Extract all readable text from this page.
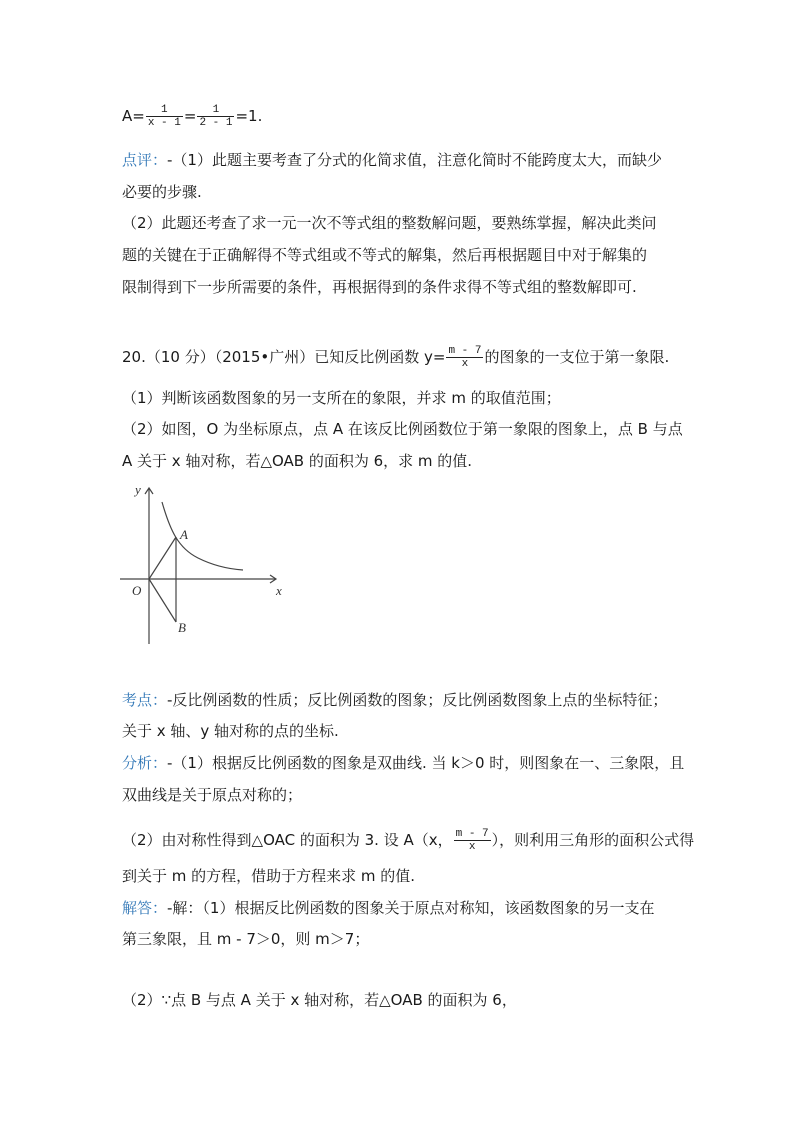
$A= \frac{1}{x - 1} = \frac{1}{2 - 1} =1$.
点评：-（1）此题主要考查了分式的化简求值，注意化简时不能跨度太大，而缺少
必要的步骤.
（2）此题还考查了求一元一次不等式组的整数解问题，要熟练掌握，解决此类问
题的关键在于正确解得不等式组或不等式的解集，然后再根据题目中对于解集的
限制得到下一步所需要的条件，再根据得到的条件求得不等式组的整数解即可.
20.（10 分）（2015•广州）已知反比例函数 $y= \frac{m - 7}{x}$ 的图象的一支位于第一象限.
（1）判断该函数图象的另一支所在的象限，并求 m 的取值范围；
（2）如图，O 为坐标原点，点 A 在该反比例函数位于第一象限的图象上，点 B 与点
A 关于 x 轴对称，若△OAB 的面积为 6，求 m 的值.
y
x
O
A
B
考点：-反比例函数的性质；反比例函数的图象；反比例函数图象上点的坐标特征；
关于 x 轴、y 轴对称的点的坐标.
分析：-（1）根据反比例函数的图象是双曲线. 当 k＞0 时，则图象在一、三象限，且
双曲线是关于原点对称的；
（2）由对称性得到△OAC 的面积为 3. 设 A（x， $\frac{m - 7}{x}$ ），则利用三角形的面积公式得
到关于 m 的方程，借助于方程来求 m 的值.
解答：-解：（1）根据反比例函数的图象关于原点对称知，该函数图象的另一支在
第三象限，且 m - 7＞0，则 m＞7；
（2）∵点 B 与点 A 关于 x 轴对称，若△OAB 的面积为 6，
